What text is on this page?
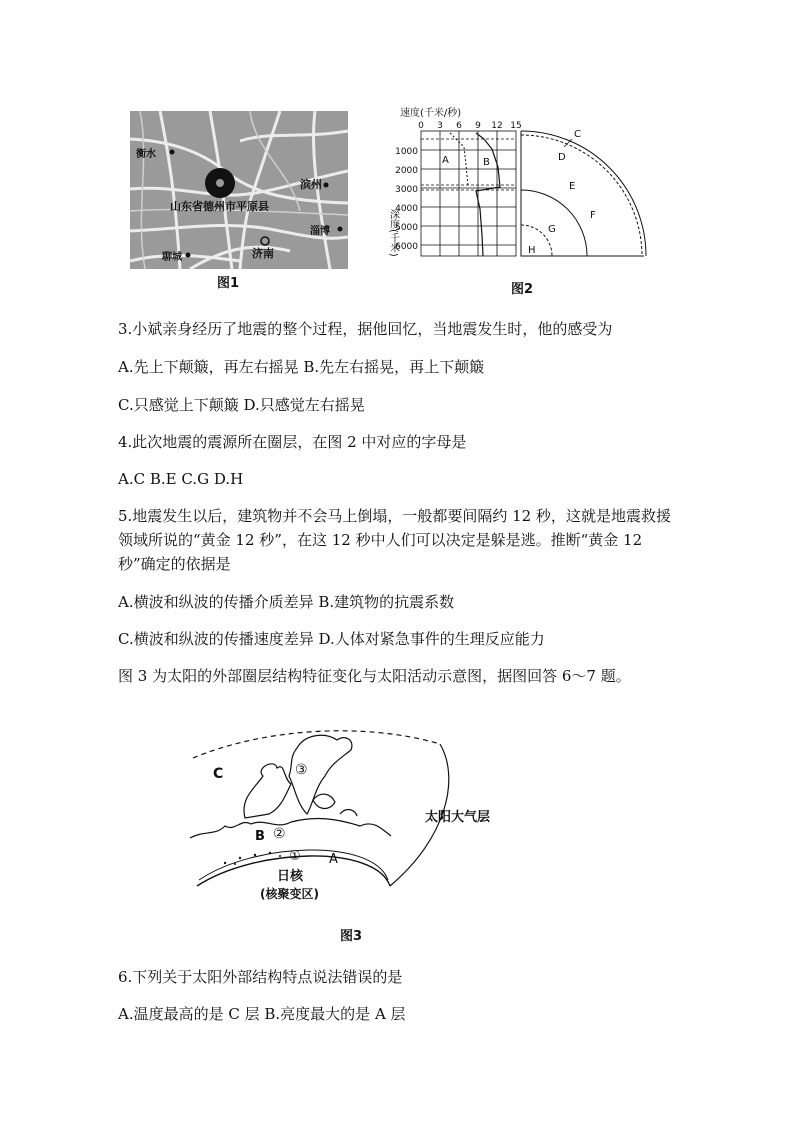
衡水
滨州
山东省德州市平原县
淄博
聊城	济南
图1
速度(千米/秒)
0 3 6 9 12 15
1000
2000
3000
4000
5000
6000
深度(千米)
A	B
C
D
E
F
G
H
图2
3.小斌亲身经历了地震的整个过程，据他回忆，当地震发生时，他的感受为
A.先上下颠簸，再左右摇晃 B.先左右摇晃，再上下颠簸
C.只感觉上下颠簸 D.只感觉左右摇晃
4.此次地震的震源所在圈层，在图 2 中对应的字母是
A.C B.E C.G D.H
5.地震发生以后，建筑物并不会马上倒塌，一般都要间隔约 12 秒，这就是地震救援领域所说的“黄金 12 秒”，在这 12 秒中人们可以决定是躲是逃。推断“黄金 12 秒”确定的依据是
A.横波和纵波的传播介质差异 B.建筑物的抗震系数
C.横波和纵波的传播速度差异 D.人体对紧急事件的生理反应能力
图 3 为太阳的外部圈层结构特征变化与太阳活动示意图，据图回答 6～7 题。
C
B
A
③
②
①
太阳大气层
日核
(核聚变区)
图3
6.下列关于太阳外部结构特点说法错误的是
A.温度最高的是 C 层 B.亮度最大的是 A 层
